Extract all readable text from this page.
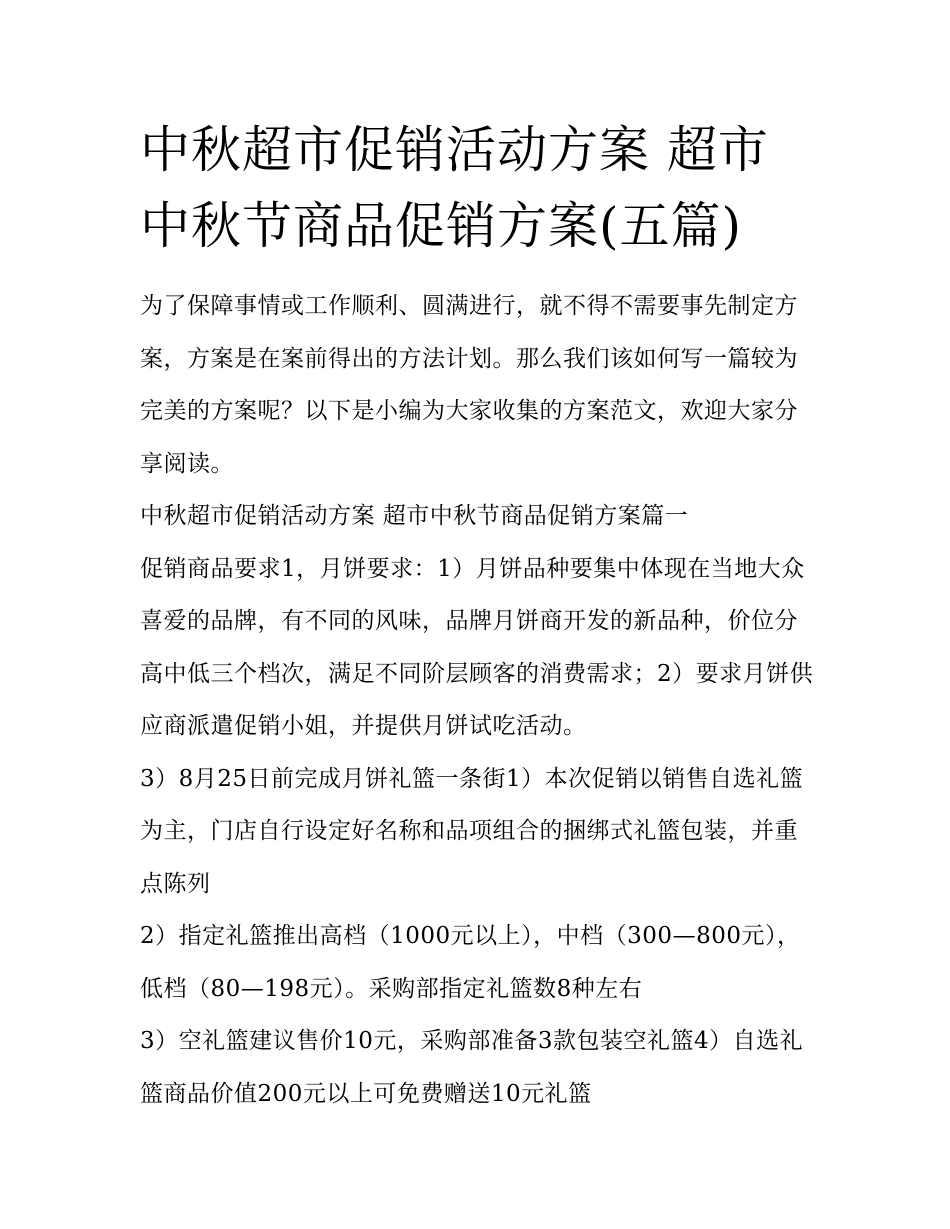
中秋超市促销活动方案 超市中秋节商品促销方案(五篇)

为了保障事情或工作顺利、圆满进行，就不得不需要事先制定方案，方案是在案前得出的方法计划。那么我们该如何写一篇较为完美的方案呢？以下是小编为大家收集的方案范文，欢迎大家分享阅读。

中秋超市促销活动方案 超市中秋节商品促销方案篇一

促销商品要求1，月饼要求：1）月饼品种要集中体现在当地大众喜爱的品牌，有不同的风味，品牌月饼商开发的新品种，价位分高中低三个档次，满足不同阶层顾客的消费需求；2）要求月饼供应商派遣促销小姐，并提供月饼试吃活动。

3）8月25日前完成月饼礼篮一条街1）本次促销以销售自选礼篮为主，门店自行设定好名称和品项组合的捆绑式礼篮包装，并重点陈列

2）指定礼篮推出高档（1000元以上），中档（300—800元），低档（80—198元）。采购部指定礼篮数8种左右

3）空礼篮建议售价10元，采购部准备3款包装空礼篮4）自选礼篮商品价值200元以上可免费赠送10元礼篮
